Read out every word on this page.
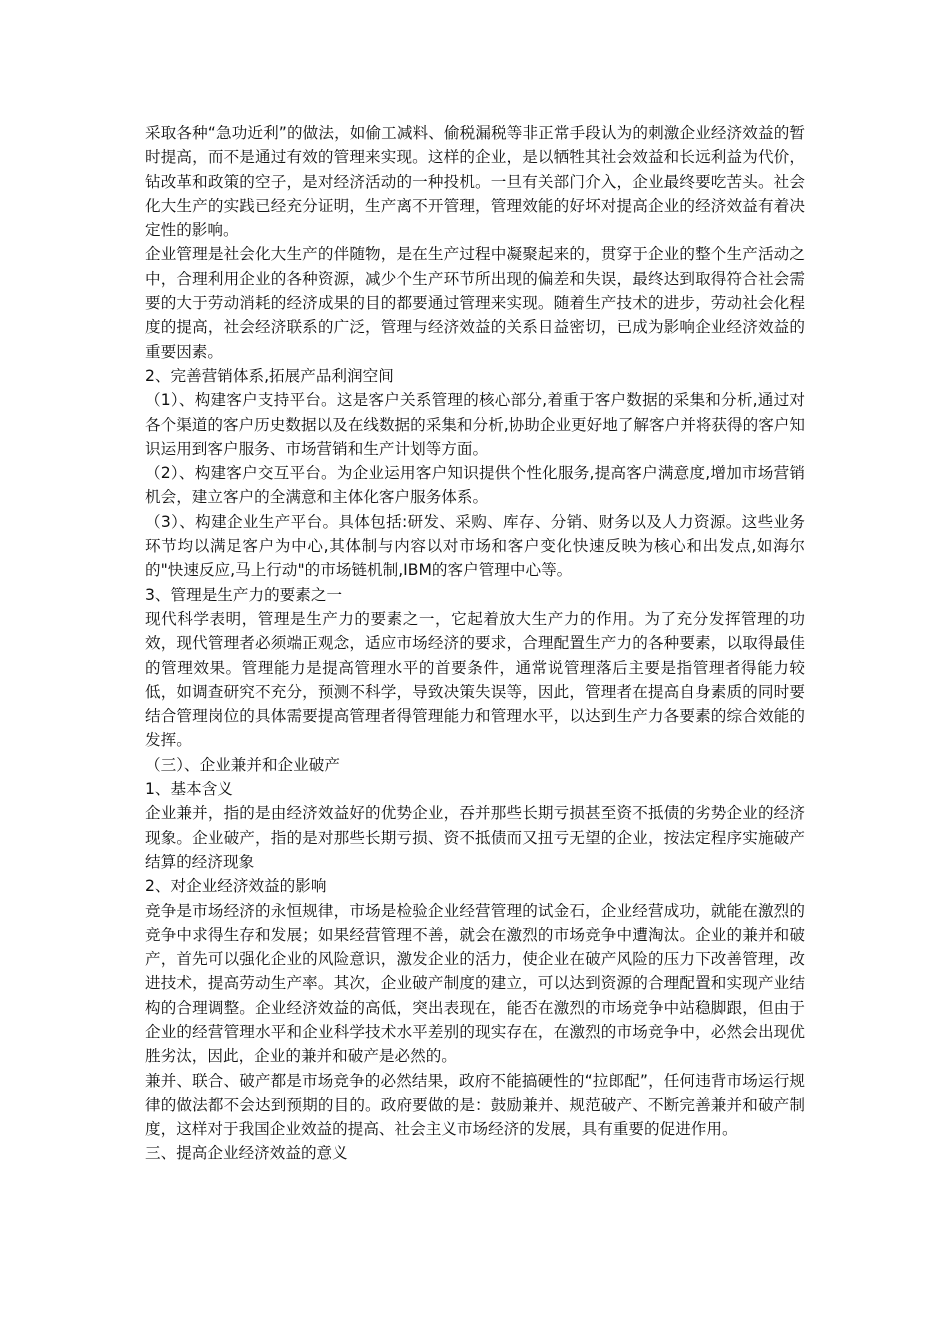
采取各种“急功近利”的做法，如偷工减料、偷税漏税等非正常手段认为的刺激企业经济效益的暂时提高，而不是通过有效的管理来实现。这样的企业，是以牺牲其社会效益和长远利益为代价，钻改革和政策的空子，是对经济活动的一种投机。一旦有关部门介入，企业最终要吃苦头。社会化大生产的实践已经充分证明，生产离不开管理，管理效能的好坏对提高企业的经济效益有着决定性的影响。

企业管理是社会化大生产的伴随物，是在生产过程中凝聚起来的，贯穿于企业的整个生产活动之中，合理利用企业的各种资源，减少个生产环节所出现的偏差和失误，最终达到取得符合社会需要的大于劳动消耗的经济成果的目的都要通过管理来实现。随着生产技术的进步，劳动社会化程度的提高，社会经济联系的广泛，管理与经济效益的关系日益密切，已成为影响企业经济效益的重要因素。

2、完善营销体系,拓展产品利润空间

（1）、构建客户支持平台。这是客户关系管理的核心部分,着重于客户数据的采集和分析,通过对各个渠道的客户历史数据以及在线数据的采集和分析,协助企业更好地了解客户并将获得的客户知识运用到客户服务、市场营销和生产计划等方面。

（2）、构建客户交互平台。为企业运用客户知识提供个性化服务,提高客户满意度,增加市场营销机会，建立客户的全满意和主体化客户服务体系。

（3）、构建企业生产平台。具体包括:研发、采购、库存、分销、财务以及人力资源。这些业务环节均以满足客户为中心,其体制与内容以对市场和客户变化快速反映为核心和出发点,如海尔的"快速反应,马上行动"的市场链机制,IBM的客户管理中心等。

3、管理是生产力的要素之一

现代科学表明，管理是生产力的要素之一，它起着放大生产力的作用。为了充分发挥管理的功效，现代管理者必须端正观念，适应市场经济的要求，合理配置生产力的各种要素，以取得最佳的管理效果。管理能力是提高管理水平的首要条件，通常说管理落后主要是指管理者得能力较低，如调查研究不充分，预测不科学，导致决策失误等，因此，管理者在提高自身素质的同时要结合管理岗位的具体需要提高管理者得管理能力和管理水平，以达到生产力各要素的综合效能的发挥。

（三）、企业兼并和企业破产

1、基本含义

企业兼并，指的是由经济效益好的优势企业，吞并那些长期亏损甚至资不抵债的劣势企业的经济现象。企业破产，指的是对那些长期亏损、资不抵债而又扭亏无望的企业，按法定程序实施破产结算的经济现象

2、对企业经济效益的影响

竞争是市场经济的永恒规律，市场是检验企业经营管理的试金石，企业经营成功，就能在激烈的竞争中求得生存和发展；如果经营管理不善，就会在激烈的市场竞争中遭淘汰。企业的兼并和破产，首先可以强化企业的风险意识，激发企业的活力，使企业在破产风险的压力下改善管理，改进技术，提高劳动生产率。其次，企业破产制度的建立，可以达到资源的合理配置和实现产业结构的合理调整。企业经济效益的高低，突出表现在，能否在激烈的市场竞争中站稳脚跟，但由于企业的经营管理水平和企业科学技术水平差别的现实存在，在激烈的市场竞争中，必然会出现优胜劣汰，因此，企业的兼并和破产是必然的。

兼并、联合、破产都是市场竞争的必然结果，政府不能搞硬性的“拉郎配”，任何违背市场运行规律的做法都不会达到预期的目的。政府要做的是：鼓励兼并、规范破产、不断完善兼并和破产制度，这样对于我国企业效益的提高、社会主义市场经济的发展，具有重要的促进作用。

三、提高企业经济效益的意义
